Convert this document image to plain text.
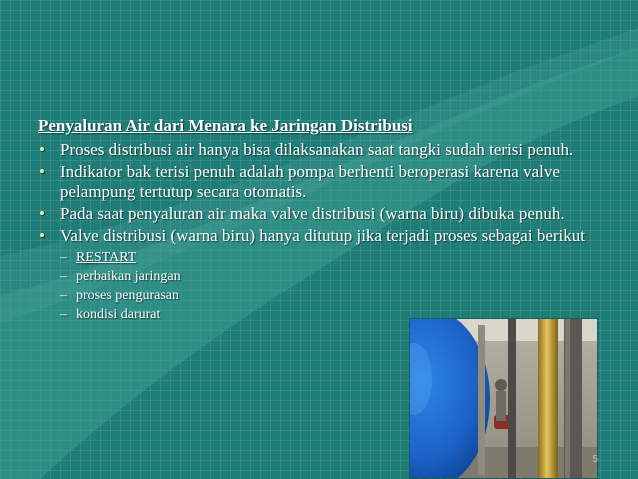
Penyaluran Air dari Menara ke Jaringan Distribusi
• Proses distribusi air hanya bisa dilaksanakan saat tangki sudah terisi penuh.
• Indikator bak terisi penuh adalah pompa berhenti beroperasi karena valve pelampung tertutup secara otomatis.
• Pada saat penyaluran air maka valve distribusi (warna biru) dibuka penuh.
• Valve distribusi (warna biru) hanya ditutup jika terjadi proses sebagai berikut
– RESTART
– perbaikan jaringan
– proses pengurasan
– kondisi darurat
5
